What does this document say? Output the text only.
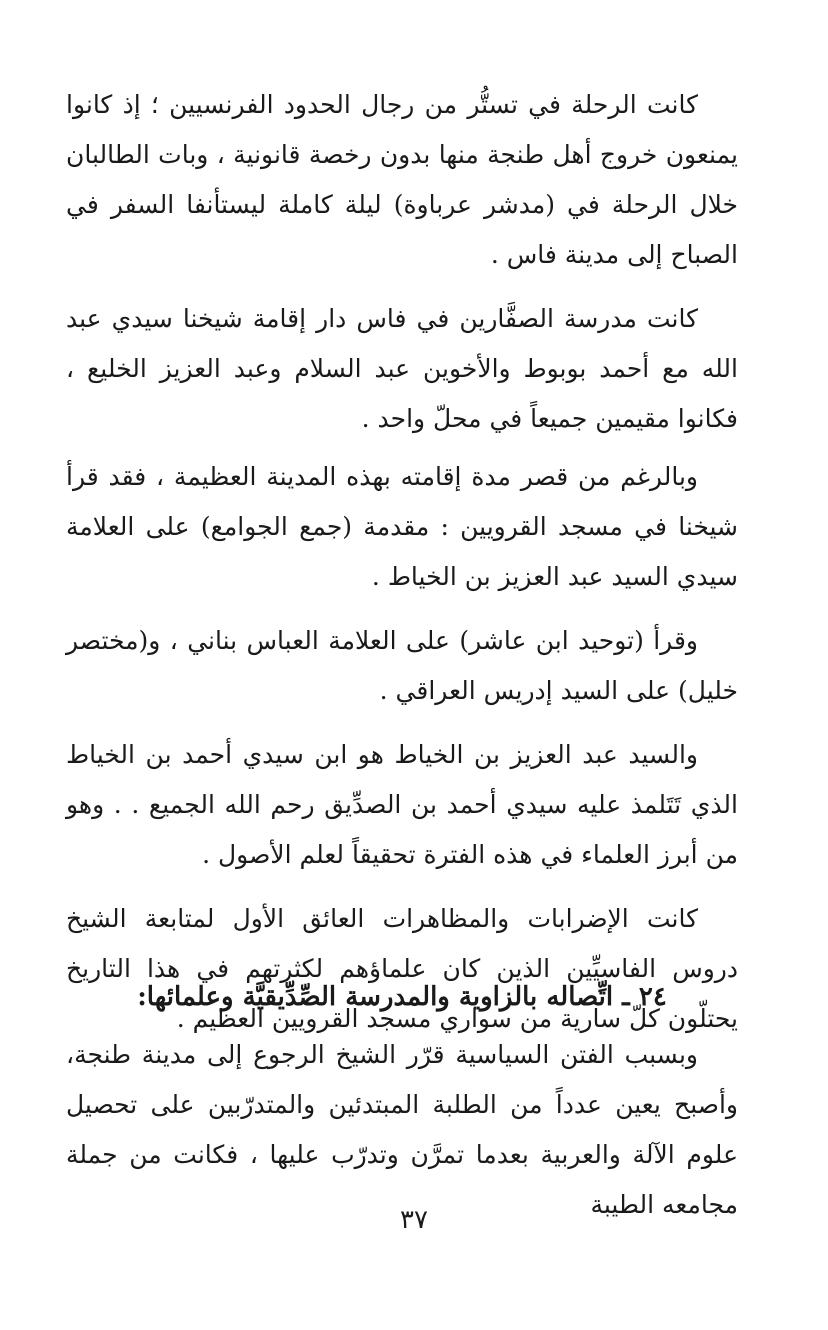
كانت الرحلة في تستُّر من رجال الحدود الفرنسيين ؛ إذ كانوا يمنعون خروج أهل طنجة منها بدون رخصة قانونية ، وبات الطالبان خلال الرحلة في (مدشر عرباوة) ليلة كاملة ليستأنفا السفر في الصباح إلى مدينة فاس .

كانت مدرسة الصفَّارين في فاس دار إقامة شيخنا سيدي عبد الله مع أحمد بوبوط والأخوين عبد السلام وعبد العزيز الخليع ، فكانوا مقيمين جميعاً في محلّ واحد .

وبالرغم من قصر مدة إقامته بهذه المدينة العظيمة ، فقد قرأ شيخنا في مسجد القرويين : مقدمة (جمع الجوامع) على العلامة سيدي السيد عبد العزيز بن الخياط .

وقرأ (توحيد ابن عاشر) على العلامة العباس بناني ، و(مختصر خليل) على السيد إدريس العراقي .

والسيد عبد العزيز بن الخياط هو ابن سيدي أحمد بن الخياط الذي تَتَلمذ عليه سيدي أحمد بن الصدِّيق رحم الله الجميع . . وهو من أبرز العلماء في هذه الفترة تحقيقاً لعلم الأصول .

كانت الإضرابات والمظاهرات العائق الأول لمتابعة الشيخ دروس الفاسيِّين الذين كان علماؤهم لكثرتهم في هذا التاريخ يحتلّون كلّ سارية من سواري مسجد القرويين العظيم .

٢٤ ـ اتِّصاله بالزاوية والمدرسة الصِّدِّيقيَّة وعلمائها:

وبسبب الفتن السياسية قرّر الشيخ الرجوع إلى مدينة طنجة، وأصبح يعين عدداً من الطلبة المبتدئين والمتدرّبين على تحصيل علوم الآلة والعربية بعدما تمرَّن وتدرّب عليها ، فكانت من جملة مجامعه الطيبة

٣٧
